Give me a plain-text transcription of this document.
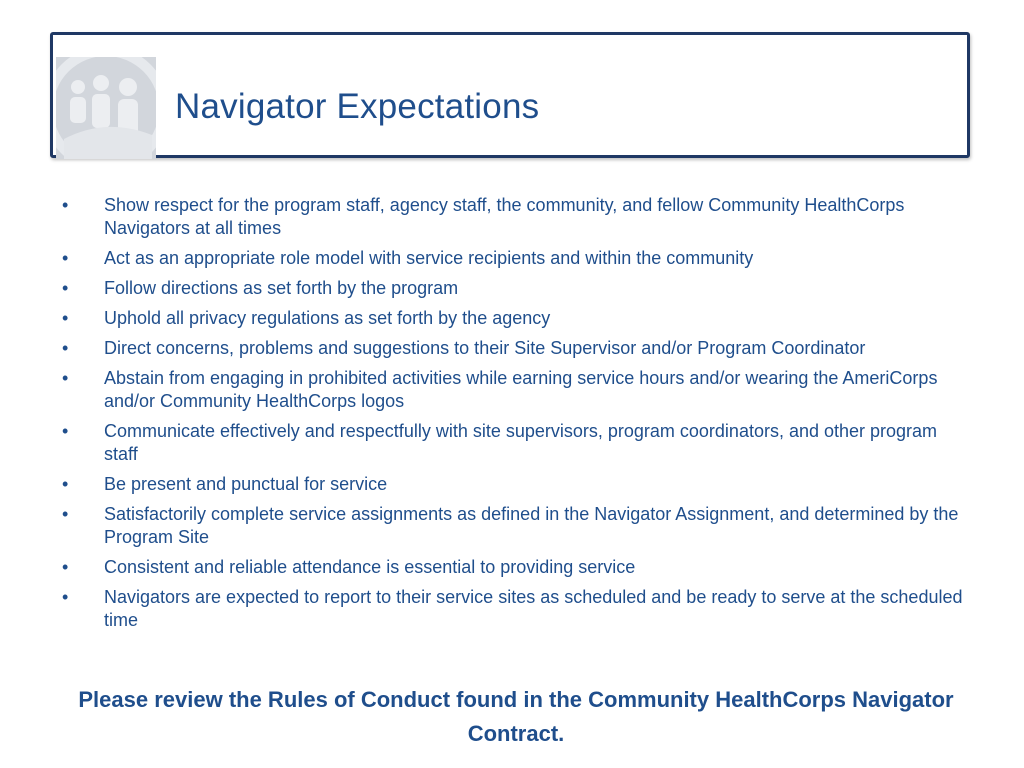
Navigator Expectations
• Show respect for the program staff, agency staff, the community, and fellow Community HealthCorps Navigators at all times
• Act as an appropriate role model with service recipients and within the community
• Follow directions as set forth by the program
• Uphold all privacy regulations as set forth by the agency
• Direct concerns, problems and suggestions to their Site Supervisor and/or Program Coordinator
• Abstain from engaging in prohibited activities while earning service hours and/or wearing the AmeriCorps and/or Community HealthCorps logos
• Communicate effectively and respectfully with site supervisors, program coordinators, and other program staff
• Be present and punctual for service
• Satisfactorily complete service assignments as defined in the Navigator Assignment, and determined by the Program Site
• Consistent and reliable attendance is essential to providing service
• Navigators are expected to report to their service sites as scheduled and be ready to serve at the scheduled time

Please review the Rules of Conduct found in the Community HealthCorps Navigator Contract.
